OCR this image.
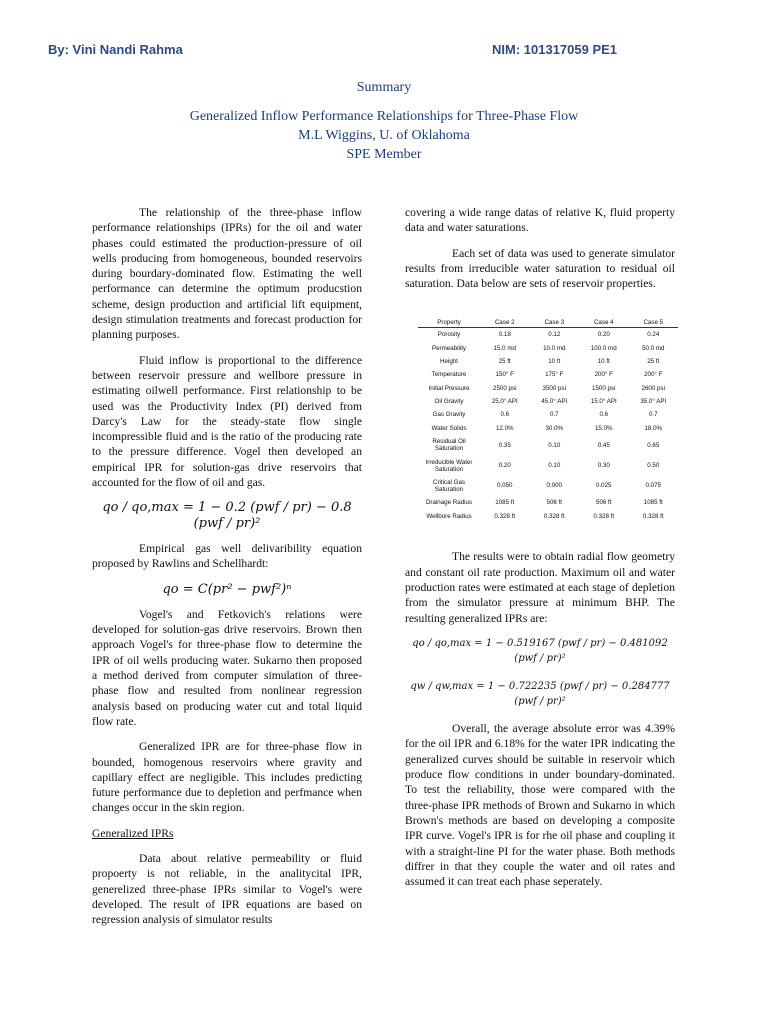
By: Vini Nandi Rahma	NIM: 101317059 PE1
Summary
Generalized Inflow Performance Relationships for Three-Phase Flow
M.L Wiggins, U. of Oklahoma
SPE Member

The relationship of the three-phase inflow performance relationships (IPRs) for the oil and water phases could estimated the production-pressure of oil wells producing from homogeneous, bounded reservoirs during bourdary-dominated flow. Estimating the well performance can determine the optimum producstion scheme, design production and artificial lift equipment, design stimulation treatments and forecast production for planning purposes.

Fluid inflow is proportional to the difference between reservoir pressure and wellbore pressure in estimating oilwell performance. First relationship to be used was the Productivity Index (PI) derived from Darcy's Law for the steady-state flow single incompressible fluid and is the ratio of the producing rate to the pressure difference. Vogel then developed an empirical IPR for solution-gas drive reservoirs that accounted for the flow of oil and gas.

qo / qo,max = 1 − 0.2 (pwf / pr) − 0.8 (pwf / pr)²

Empirical gas well delivaribility equation proposed by Rawlins and Schellhardt:

qo = C(pr² − pwf²)ⁿ

Vogel's and Fetkovich's relations were developed for solution-gas drive reservoirs. Brown then approach Vogel's for three-phase flow to determine the IPR of oil wells producing water. Sukarno then proposed a method derived from computer simulation of three-phase flow and resulted from nonlinear regression analysis based on producing water cut and total liquid flow rate.

Generalized IPR are for three-phase flow in bounded, homogenous reservoirs where gravity and capillary effect are negligible. This includes predicting future performance due to depletion and perfmance when changes occur in the skin region.

Generalized IPRs

Data about relative permeability or fluid propoerty is not reliable, in the analitycital IPR, generelized three-phase IPRs similar to Vogel's were developed. The result of IPR equations are based on regression analysis of simulator results

covering a wide range datas of relative K, fluid property data and water saturations.

Each set of data was used to generate simulator results from irreducible water saturation to residual oil saturation. Data below are sets of reservoir properties.

The results were to obtain radial flow geometry and constant oil rate production. Maximum oil and water production rates were estimated at each stage of depletion from the simulator pressure at minimum BHP. The resulting generalized IPRs are:

qo / qo,max = 1 − 0.519167 (pwf / pr) − 0.481092 (pwf / pr)²

qw / qw,max = 1 − 0.722235 (pwf / pr) − 0.284777 (pwf / pr)²

Overall, the average absolute error was 4.39% for the oil IPR and 6.18% for the water IPR indicating the generalized curves should be suitable in reservoir which produce flow conditions in under boundary-dominated. To test the reliability, those were compared with the three-phase IPR methods of Brown and Sukarno in which Brown's methods are based on developing a composite IPR curve. Vogel's IPR is for rhe oil phase and coupling it with a straight-line PI for the water phase. Both methods diffrer in that they couple the water and oil rates and assumed it can treat each phase seperately.

Property	Case 2	Case 3	Case 4	Case 5
Porosity	0.18	0.12	0.20	0.24
Permeability	15.0 md	10.0 md	100.0 md	50.0 md
Height	25 ft	10 ft	10 ft	25 ft
Temperature	150° F	175° F	200° F	200° F
Initial Pressure	2500 psi	3500 psi	1500 psi	2600 psi
Oil Gravity	25.0° API	45.0° API	15.0° API	35.0° API
Gas Gravity	0.6	0.7	0.6	0.7
Water Solids	12.0%	30.0%	15.0%	18.0%
Residual Oil Saturation	0.35	0.10	0.45	0.65
Irreducible Water Saturation	0.20	0.10	0.30	0.50
Critical Gas Saturation	0.050	0.000	0.025	0.075
Drainage Radius	1085 ft	506 ft	506 ft	1085 ft
Wellbore Radius	0.328 ft	0.328 ft	0.328 ft	0.328 ft
